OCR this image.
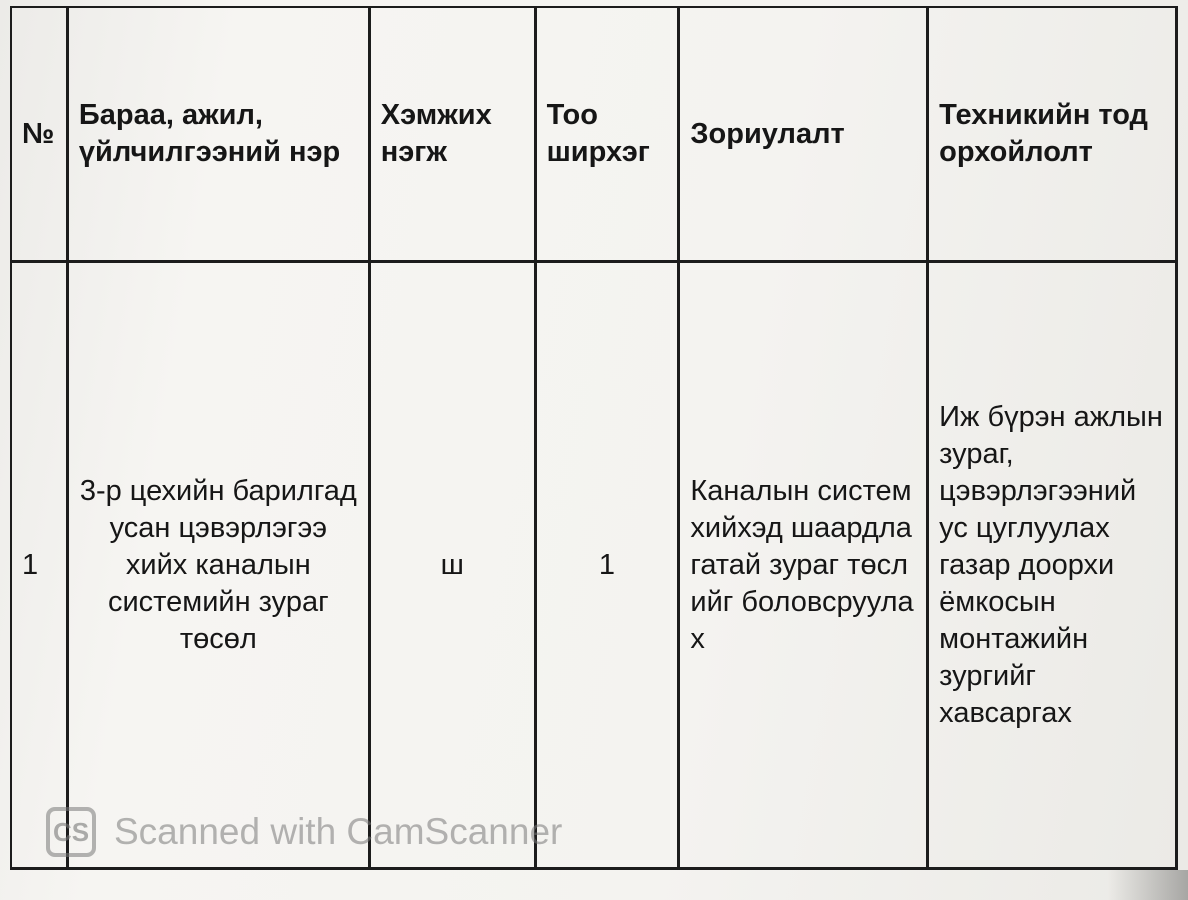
№	Бараа, ажил, үйлчилгээний нэр	Хэмжих нэгж	Тоо ширхэг	Зориулалт	Техникийн тодорхойлолт

1	3-р цехийн барилгад усан цэвэрлэгээ хийх каналын системийн зураг төсөл	ш	1	Каналын систем хийхэд шаардлагатай зураг төслийг боловсруулах	Иж бүрэн ажлын зураг, цэвэрлэгээний ус цуглуулах газар доорхи ёмкосын монтажийн зургийг хавсаргах
CS Scanned with CamScanner
